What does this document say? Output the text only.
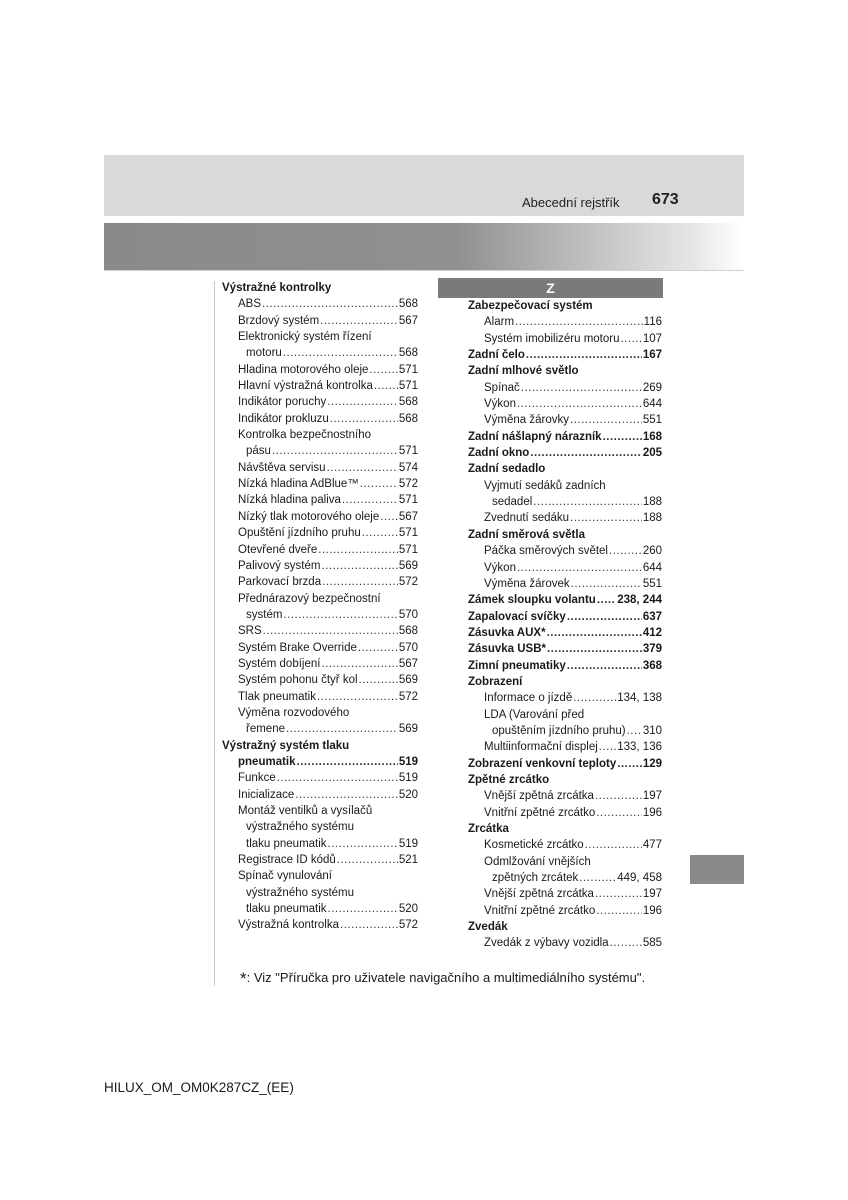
Abecední rejstřík 673
Výstražné kontrolky
ABS .....	568
Brzdový systém .....	567
Elektronický systém řízení
motoru .....	568
Hladina motorového oleje .....	571
Hlavní výstražná kontrolka ..... 571
Indikátor poruchy .....	568
Indikátor prokluzu .....	568
Kontrolka bezpečnostního
pásu .....	571
Návštěva servisu .....	574
Nízká hladina AdBlue™ .....	572
Nízká hladina paliva .....	571
Nízký tlak motorového oleje ..... 567
Opuštění jízdního pruhu .....	571
Otevřené dveře .....	571
Palivový systém .....	569
Parkovací brzda .....	572
Přednárazový bezpečnostní
systém .....	570
SRS .....	568
Systém Brake Override .....	570
Systém dobíjení .....	567
Systém pohonu čtyř kol .....	569
Tlak pneumatik .....	572
Výměna rozvodového
řemene .....	569
Výstražný systém tlaku
pneumatik .....	519
Funkce .....	519
Inicializace .....	520
Montáž ventilků a vysílačů
výstražného systému
tlaku pneumatik .....	519
Registrace ID kódů .....	521
Spínač vynulování
výstražného systému
tlaku pneumatik .....	520
Výstražná kontrolka .....	572
Z
Zabezpečovací systém
Alarm .....	116
Systém imobilizéru motoru ..... 107
Zadní čelo .....	167
Zadní mlhové světlo
Spínač .....	269
Výkon .....	644
Výměna žárovky .....	551
Zadní nášlapný nárazník .....	168
Zadní okno .....	205
Zadní sedadlo
Vyjmutí sedáků zadních
sedadel .....	188
Zvednutí sedáku .....	188
Zadní směrová světla
Páčka směrových světel .....	260
Výkon .....	644
Výměna žárovek .....	551
Zámek sloupku volantu ..... 238, 244
Zapalovací svíčky .....	637
Zásuvka AUX* .....	412
Zásuvka USB* .....	379
Zimní pneumatiky .....	368
Zobrazení
Informace o jízdě .....	134, 138
LDA (Varování před
opuštěním jízdního pruhu) ..... 310
Multiinformační displej ..... 133, 136
Zobrazení venkovní teploty ..... 129
Zpětné zrcátko
Vnější zpětná zrcátka .....	197
Vnitřní zpětné zrcátko .....	196
Zrcátka
Kosmetické zrcátko .....	477
Odmlžování vnějších
zpětných zrcátek .....	449, 458
Vnější zpětná zrcátka .....	197
Vnitřní zpětné zrcátko .....	196
Zvedák
Zvedák z výbavy vozidla .....	585
*: Viz "Příručka pro uživatele navigačního a multimediálního systému".
HILUX_OM_OM0K287CZ_(EE)
